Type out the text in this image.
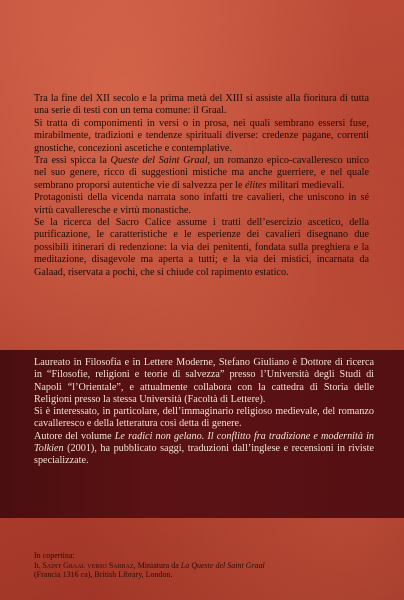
Tra la fine del XII secolo e la prima metà del XIII si assiste alla fioritura di tutta una serie di testi con un tema comune: il Graal.

Si tratta di componimenti in versi o in prosa, nei quali sembrano essersi fuse, mirabilmente, tradizioni e tendenze spirituali diverse: credenze pagane, correnti gnostiche, concezioni ascetiche e contemplative.

Tra essi spicca la Queste del Saint Graal, un romanzo epico-cavalleresco unico nel suo genere, ricco di suggestioni mistiche ma anche guerriere, e nel quale sembrano proporsi autentiche vie di salvezza per le élites militari medievali.

Protagonisti della vicenda narrata sono infatti tre cavalieri, che uniscono in sé virtù cavalleresche e virtù monastiche.

Se la ricerca del Sacro Calice assume i tratti dell’esercizio ascetico, della purificazione, le caratteristiche e le esperienze dei cavalieri disegnano due possibili itinerari di redenzione: la via dei penitenti, fondata sulla preghiera e la meditazione, disagevole ma aperta a tutti; e la via dei mistici, incarnata da Galaad, riservata a pochi, che si chiude col rapimento estatico.

Laureato in Filosofia e in Lettere Moderne, Stefano Giuliano è Dottore di ricerca in “Filosofie, religioni e teorie di salvezza” presso l’Università degli Studi di Napoli “l’Orientale”, e attualmente collabora con la cattedra di Storia delle Religioni presso la stessa Università (Facoltà di Lettere).

Si è interessato, in particolare, dell’immaginario religioso medievale, del romanzo cavalleresco e della letteratura così detta di genere.

Autore del volume Le radici non gelano. Il conflitto fra tradizione e modernità in Tolkien (2001), ha pubblicato saggi, traduzioni dall’inglese e recensioni in riviste specializzate.

In copertina:
Il Saint Graal verso Sarraz, Miniatura da La Queste del Saint Graal
(Francia 1316 ca), British Library, London.
